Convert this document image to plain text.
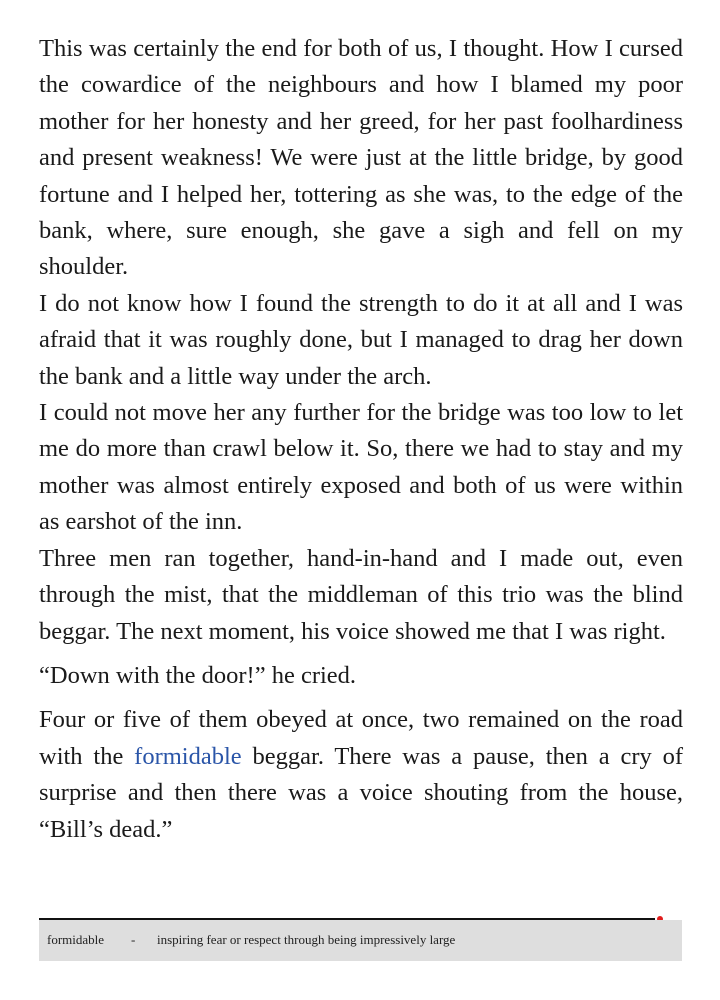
This was certainly the end for both of us, I thought. How I cursed the cowardice of the neighbours and how I blamed my poor mother for her honesty and her greed, for her past foolhardiness and present weakness! We were just at the little bridge, by good fortune and I helped her, tottering as she was, to the edge of the bank, where, sure enough, she gave a sigh and fell on my shoulder.

I do not know how I found the strength to do it at all and I was afraid that it was roughly done, but I managed to drag her down the bank and a little way under the arch.

I could not move her any further for the bridge was too low to let me do more than crawl below it. So, there we had to stay and my mother was almost entirely exposed and both of us were within as earshot of the inn.

Three men ran together, hand-in-hand and I made out, even through the mist, that the middleman of this trio was the blind beggar. The next moment, his voice showed me that I was right.

“Down with the door!” he cried.

Four or five of them obeyed at once, two remained on the road with the formidable beggar. There was a pause, then a cry of surprise and then there was a voice shouting from the house, “Bill’s dead.”

formidable - inspiring fear or respect through being impressively large
